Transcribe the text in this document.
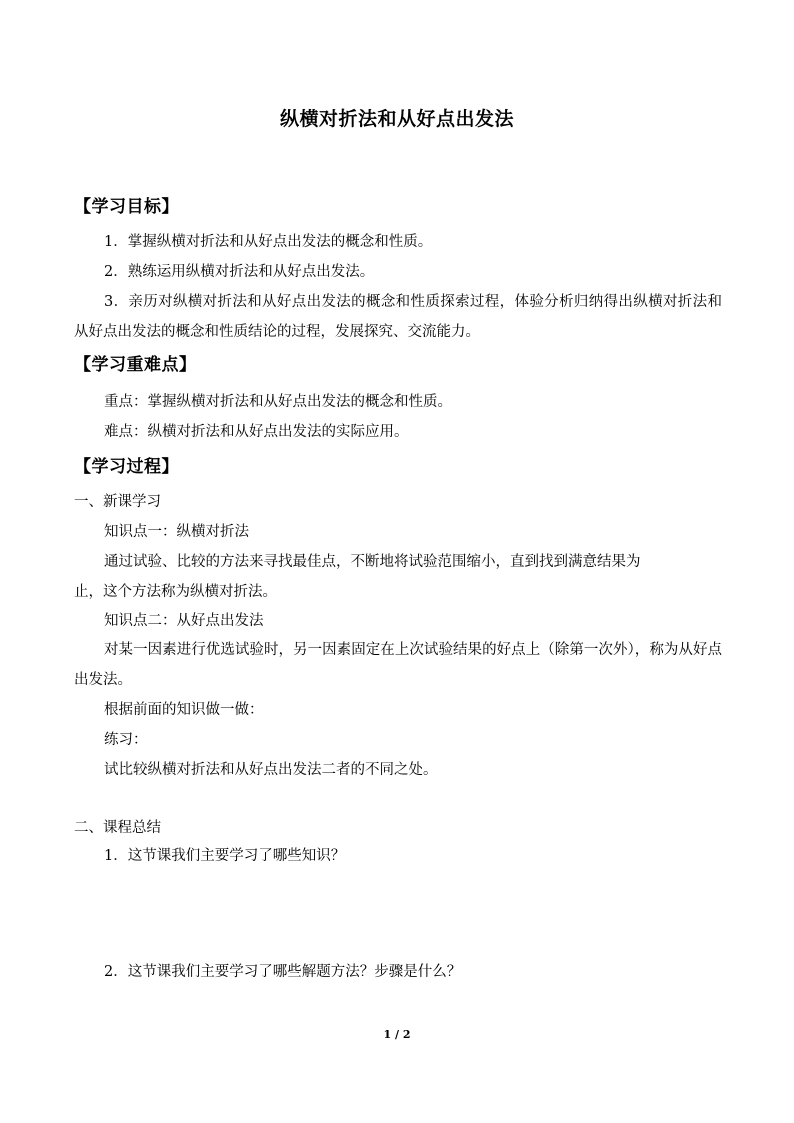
纵横对折法和从好点出发法
【学习目标】
1．掌握纵横对折法和从好点出发法的概念和性质。
2．熟练运用纵横对折法和从好点出发法。
3．亲历对纵横对折法和从好点出发法的概念和性质探索过程，体验分析归纳得出纵横对折法和从好点出发法的概念和性质结论的过程，发展探究、交流能力。
【学习重难点】
重点：掌握纵横对折法和从好点出发法的概念和性质。
难点：纵横对折法和从好点出发法的实际应用。
【学习过程】
一、新课学习
知识点一：纵横对折法
通过试验、比较的方法来寻找最佳点，不断地将试验范围缩小，直到找到满意结果为
止，这个方法称为纵横对折法。
知识点二：从好点出发法
对某一因素进行优选试验时，另一因素固定在上次试验结果的好点上（除第一次外），称为从好点出发法。
根据前面的知识做一做：
练习：
试比较纵横对折法和从好点出发法二者的不同之处。
二、课程总结
1．这节课我们主要学习了哪些知识？
2．这节课我们主要学习了哪些解题方法？步骤是什么？
1 / 2
